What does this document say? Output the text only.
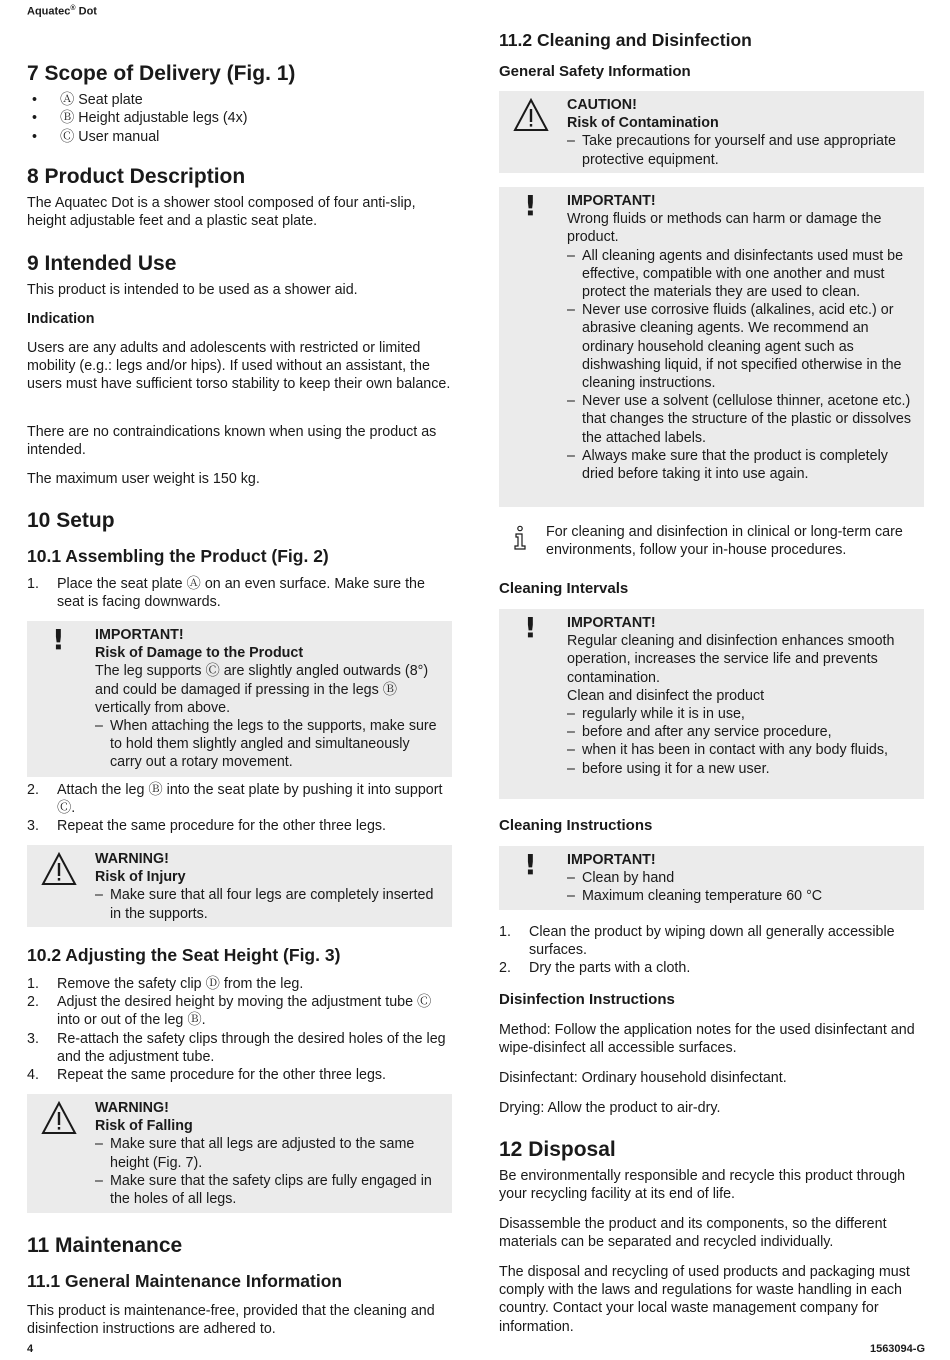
Aquatec® Dot
7 Scope of Delivery (Fig. 1)
• Ⓐ Seat plate
• Ⓑ Height adjustable legs (4x)
• Ⓒ User manual
8 Product Description

The Aquatec Dot is a shower stool composed of four anti-slip, height adjustable feet and a plastic seat plate.

9 Intended Use

This product is intended to be used as a shower aid.

Indication

Users are any adults and adolescents with restricted or limited mobility (e.g.: legs and/or hips). If used without an assistant, the users must have sufficient torso stability to keep their own balance.

There are no contraindications known when using the product as intended.

The maximum user weight is 150 kg.

10 Setup
10.1 Assembling the Product (Fig. 2)
1.	Place the seat plate Ⓐ on an even surface. Make sure the seat is facing downwards.
! IMPORTANT!
Risk of Damage to the Product
The leg supports Ⓒ are slightly angled outwards (8°) and could be damaged if pressing in the legs Ⓑ vertically from above.
– When attaching the legs to the supports, make sure to hold them slightly angled and simultaneously carry out a rotary movement.
2.	Attach the leg Ⓑ into the seat plate by pushing it into support Ⓒ.
3.	Repeat the same procedure for the other three legs.
WARNING!
Risk of Injury
– Make sure that all four legs are completely inserted in the supports.
10.2 Adjusting the Seat Height (Fig. 3)
1.	Remove the safety clip Ⓓ from the leg.
2.	Adjust the desired height by moving the adjustment tube Ⓒ into or out of the leg Ⓑ.
3.	Re-attach the safety clips through the desired holes of the leg and the adjustment tube.
4.	Repeat the same procedure for the other three legs.
WARNING!
Risk of Falling
– Make sure that all legs are adjusted to the same height (Fig. 7).
– Make sure that the safety clips are fully engaged in the holes of all legs.
11 Maintenance
11.1 General Maintenance Information

This product is maintenance-free, provided that the cleaning and disinfection instructions are adhered to.

11.2 Cleaning and Disinfection
General Safety Information
CAUTION!
Risk of Contamination
– Take precautions for yourself and use appropriate protective equipment.
! IMPORTANT!
Wrong fluids or methods can harm or damage the product.
– All cleaning agents and disinfectants used must be effective, compatible with one another and must protect the materials they are used to clean.
– Never use corrosive fluids (alkalines, acid etc.) or abrasive cleaning agents. We recommend an ordinary household cleaning agent such as dishwashing liquid, if not specified otherwise in the cleaning instructions.
– Never use a solvent (cellulose thinner, acetone etc.) that changes the structure of the plastic or dissolves the attached labels.
– Always make sure that the product is completely dried before taking it into use again.
For cleaning and disinfection in clinical or long-term care environments, follow your in-house procedures.
Cleaning Intervals
! IMPORTANT!
Regular cleaning and disinfection enhances smooth operation, increases the service life and prevents contamination.
Clean and disinfect the product
– regularly while it is in use,
– before and after any service procedure,
– when it has been in contact with any body fluids,
– before using it for a new user.
Cleaning Instructions
! IMPORTANT!
– Clean by hand
– Maximum cleaning temperature 60 °C
1.	Clean the product by wiping down all generally accessible surfaces.
2.	Dry the parts with a cloth.
Disinfection Instructions

Method: Follow the application notes for the used disinfectant and wipe-disinfect all accessible surfaces.

Disinfectant: Ordinary household disinfectant.

Drying: Allow the product to air-dry.

12 Disposal

Be environmentally responsible and recycle this product through your recycling facility at its end of life.

Disassemble the product and its components, so the different materials can be separated and recycled individually.

The disposal and recycling of used products and packaging must comply with the laws and regulations for waste handling in each country. Contact your local waste management company for information.

4	1563094-G
